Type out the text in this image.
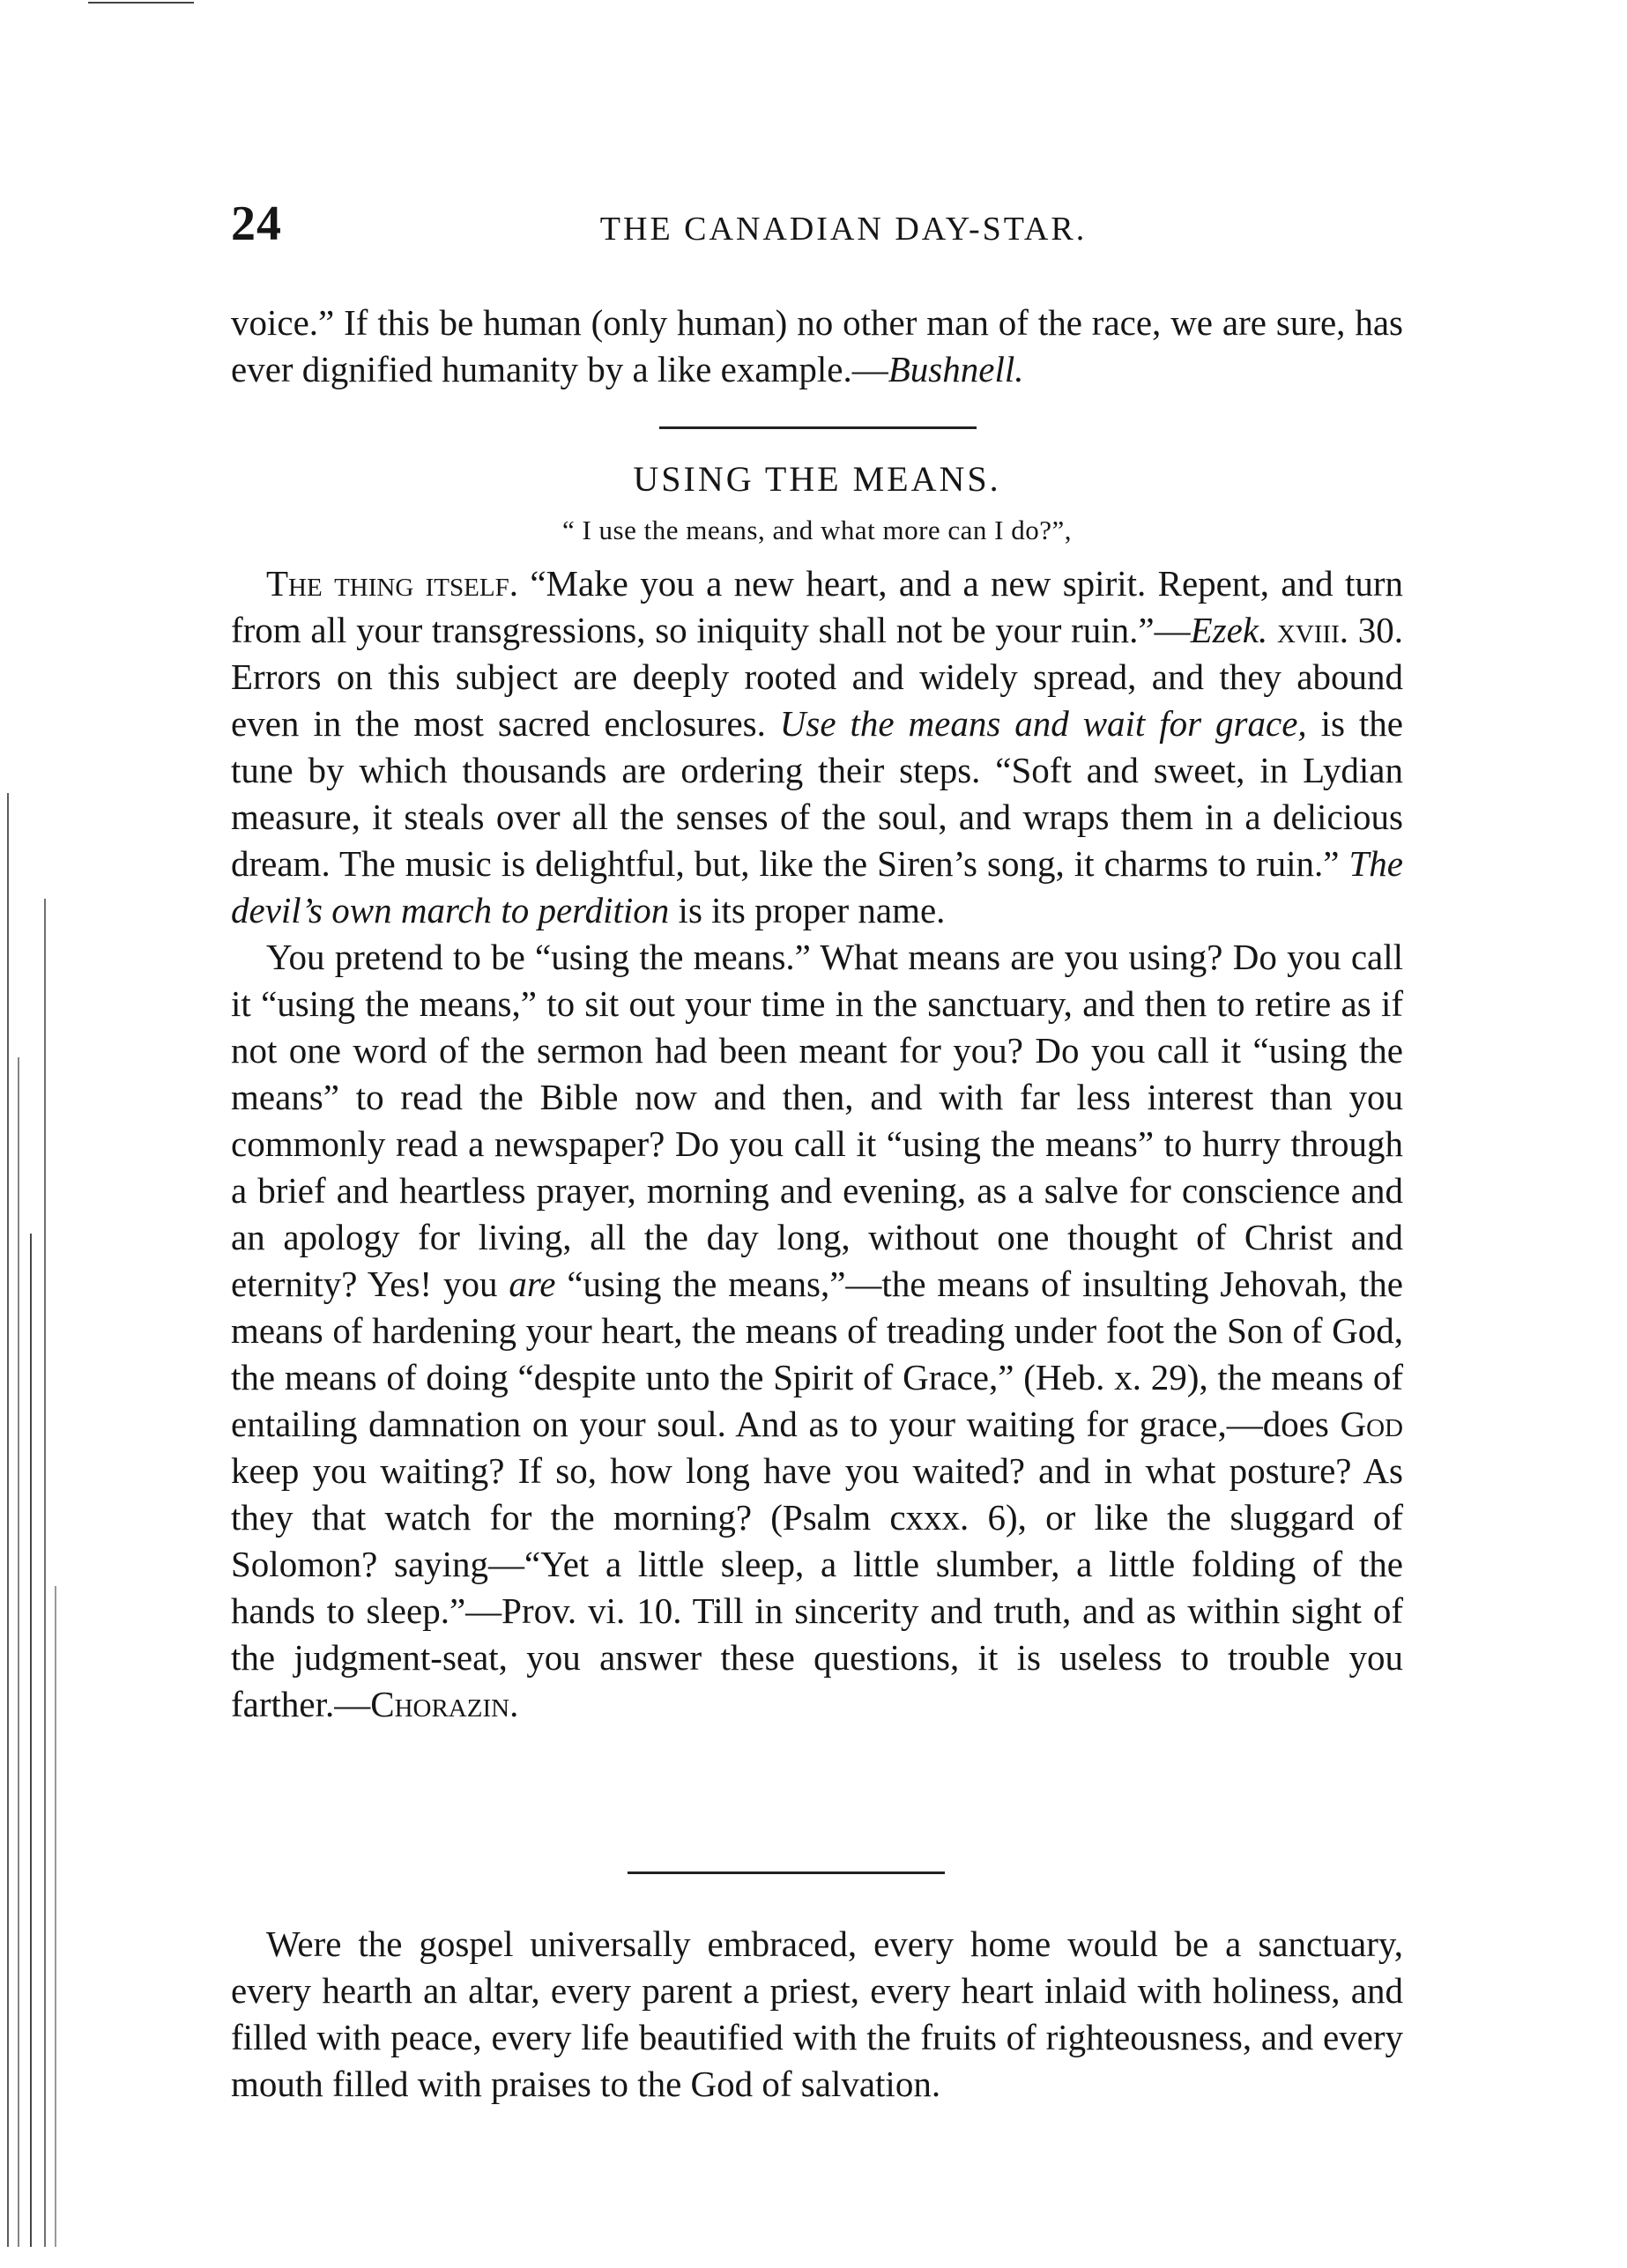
24	THE CANADIAN DAY-STAR.

voice.” If this be human (only human) no other man of the race, we are sure, has ever dignified humanity by a like example.—Bushnell.

USING THE MEANS.
“ I use the means, and what more can I do?”,

The thing itself. “Make you a new heart, and a new spirit. Repent, and turn from all your transgressions, so iniquity shall not be your ruin.”—Ezek. xviii. 30. Errors on this subject are deeply rooted and widely spread, and they abound even in the most sacred enclosures. Use the means and wait for grace, is the tune by which thousands are ordering their steps. “Soft and sweet, in Lydian measure, it steals over all the senses of the soul, and wraps them in a delicious dream. The music is delightful, but, like the Siren’s song, it charms to ruin.” The devil’s own march to perdition is its proper name.

You pretend to be “using the means.” What means are you using? Do you call it “using the means,” to sit out your time in the sanctuary, and then to retire as if not one word of the sermon had been meant for you? Do you call it “using the means” to read the Bible now and then, and with far less interest than you commonly read a newspaper? Do you call it “using the means” to hurry through a brief and heartless prayer, morning and evening, as a salve for conscience and an apology for living, all the day long, without one thought of Christ and eternity? Yes! you are “using the means,”—the means of insulting Jehovah, the means of hardening your heart, the means of treading under foot the Son of God, the means of doing “despite unto the Spirit of Grace,” (Heb. x. 29), the means of entailing damnation on your soul. And as to your waiting for grace,—does God keep you waiting? If so, how long have you waited? and in what posture? As they that watch for the morning? (Psalm cxxx. 6), or like the sluggard of Solomon? saying—“Yet a little sleep, a little slumber, a little folding of the hands to sleep.”—Prov. vi. 10. Till in sincerity and truth, and as within sight of the judgment-seat, you answer these questions, it is useless to trouble you farther.—Chorazin.

Were the gospel universally embraced, every home would be a sanctuary, every hearth an altar, every parent a priest, every heart inlaid with holiness, and filled with peace, every life beautified with the fruits of righteousness, and every mouth filled with praises to the God of salvation.
